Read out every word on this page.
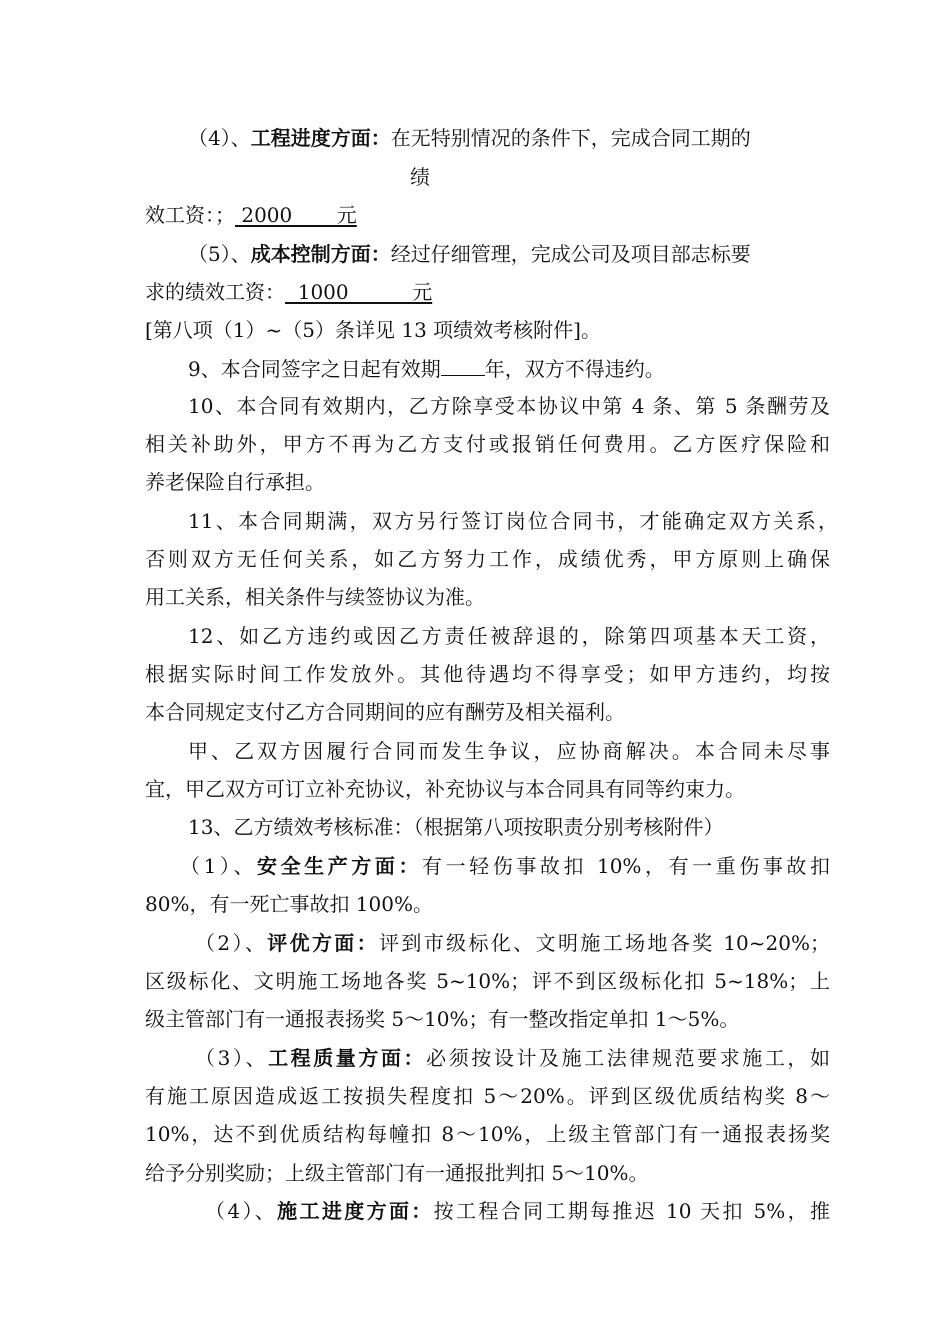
（4）、工程进度方面：在无特别情况的条件下，完成合同工期的
绩
效工资：； 2000       元
（5）、成本控制方面：经过仔细管理，完成公司及项目部志标要
求的绩效工资：  1000          元
[第八项（1）~（5）条详见 13 项绩效考核附件]。
9、本合同签字之日起有效期 年，双方不得违约。
10、本合同有效期内，乙方除享受本协议中第 4 条、第 5 条酬劳及
相关补助外，甲方不再为乙方支付或报销任何费用。乙方医疗保险和
养老保险自行承担。
11、本合同期满，双方另行签订岗位合同书，才能确定双方关系，
否则双方无任何关系，如乙方努力工作，成绩优秀，甲方原则上确保
用工关系，相关条件与续签协议为准。
12、如乙方违约或因乙方责任被辞退的，除第四项基本天工资，
根据实际时间工作发放外。其他待遇均不得享受；如甲方违约，均按
本合同规定支付乙方合同期间的应有酬劳及相关福利。
甲、乙双方因履行合同而发生争议，应协商解决。本合同未尽事
宜，甲乙双方可订立补充协议，补充协议与本合同具有同等约束力。
13、乙方绩效考核标准：（根据第八项按职责分别考核附件）
（1）、安全生产方面：有一轻伤事故扣 10%，有一重伤事故扣
80%，有一死亡事故扣 100%。
（2）、评优方面：评到市级标化、文明施工场地各奖 10~20%；
区级标化、文明施工场地各奖 5~10%；评不到区级标化扣 5~18%；上
级主管部门有一通报表扬奖 5～10%；有一整改指定单扣 1～5%。
（3）、工程质量方面：必须按设计及施工法律规范要求施工，如
有施工原因造成返工按损失程度扣 5～20%。评到区级优质结构奖 8～
10%，达不到优质结构每幢扣 8～10%，上级主管部门有一通报表扬奖
给予分别奖励；上级主管部门有一通报批判扣 5～10%。
（4）、施工进度方面：按工程合同工期每推迟 10 天扣 5%，推
